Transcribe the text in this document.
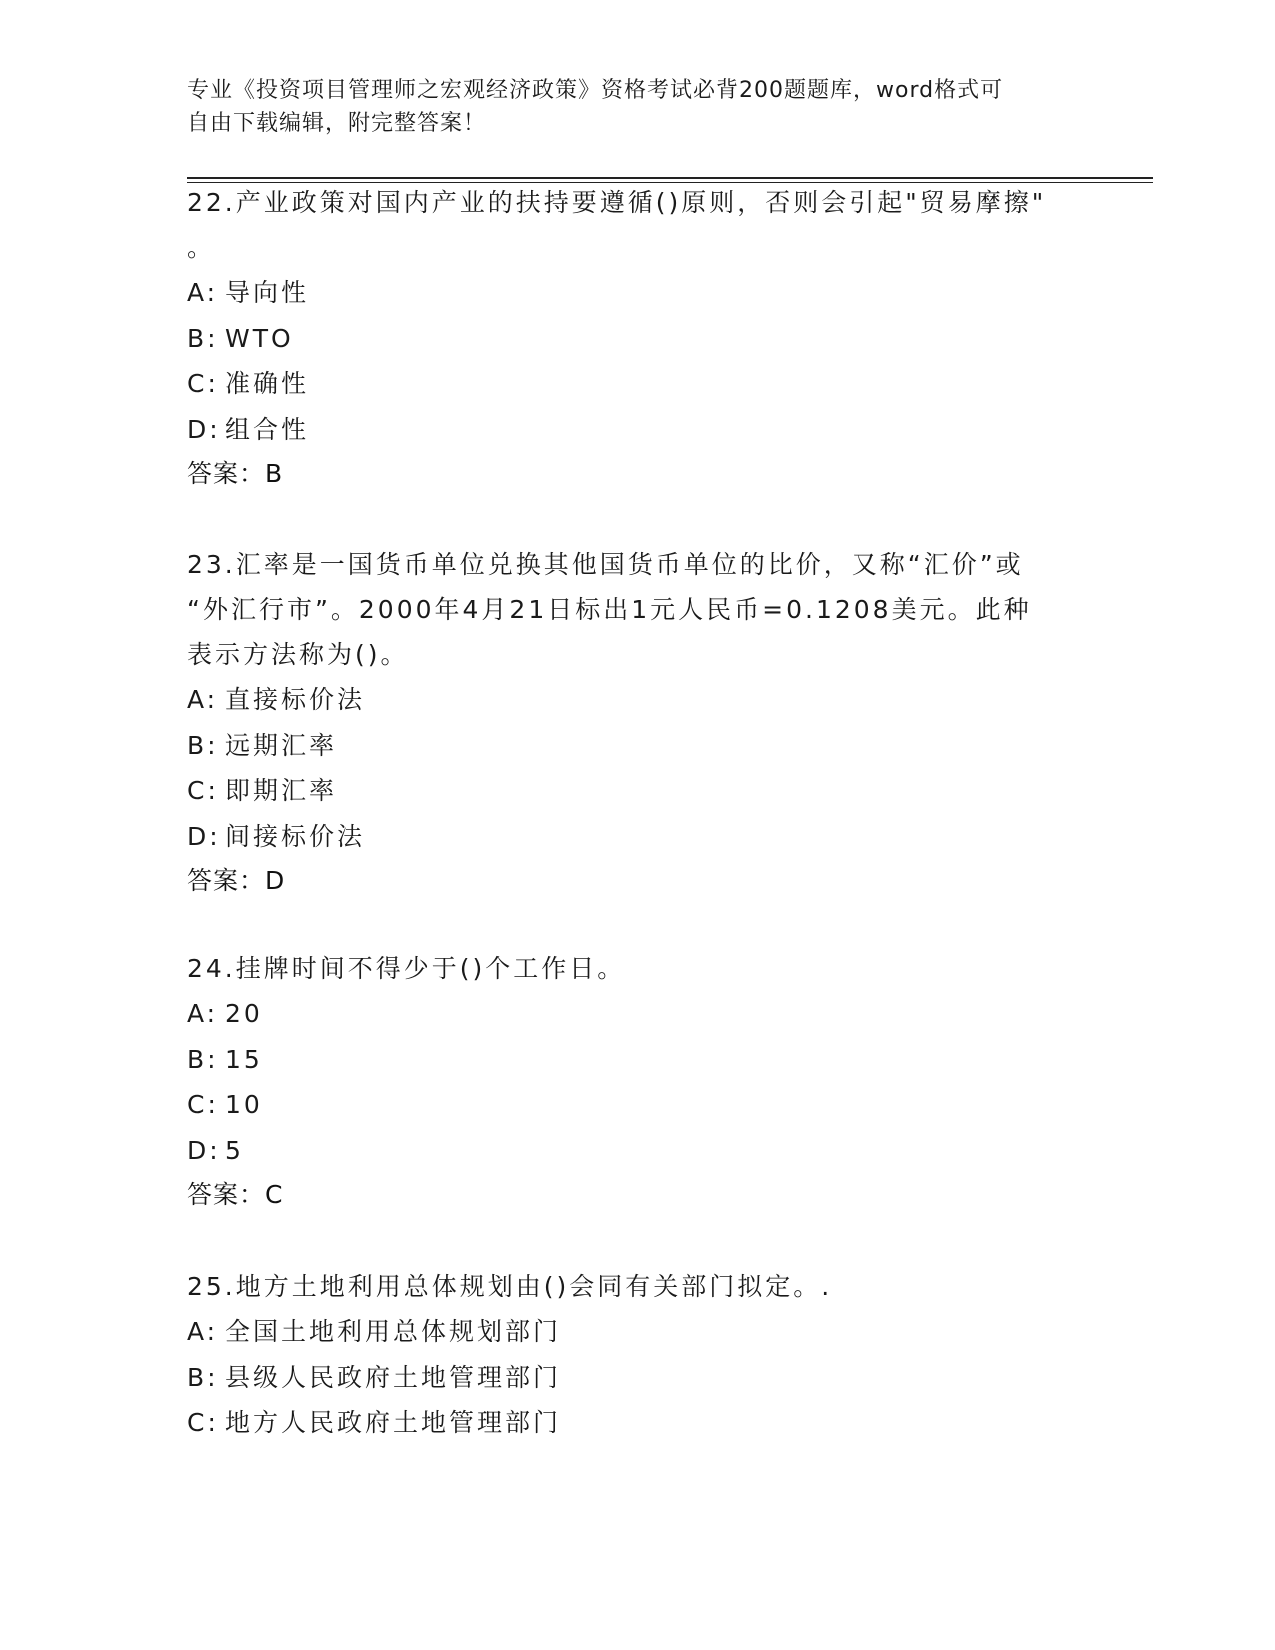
专业《投资项目管理师之宏观经济政策》资格考试必背200题题库，word格式可
自由下载编辑，附完整答案！

22.产业政策对国内产业的扶持要遵循()原则，否则会引起"贸易摩擦"

。

A: 导向性

B: WTO

C: 准确性

D: 组合性

答案：B

23.汇率是一国货币单位兑换其他国货币单位的比价，又称“汇价”或

“外汇行市”。2000年4月21日标出1元人民币=0.1208美元。此种

表示方法称为()。

A: 直接标价法

B: 远期汇率

C: 即期汇率

D: 间接标价法

答案：D

24.挂牌时间不得少于()个工作日。

A: 20

B: 15

C: 10

D: 5

答案：C

25.地方土地利用总体规划由()会同有关部门拟定。.

A: 全国土地利用总体规划部门

B: 县级人民政府土地管理部门

C: 地方人民政府土地管理部门
